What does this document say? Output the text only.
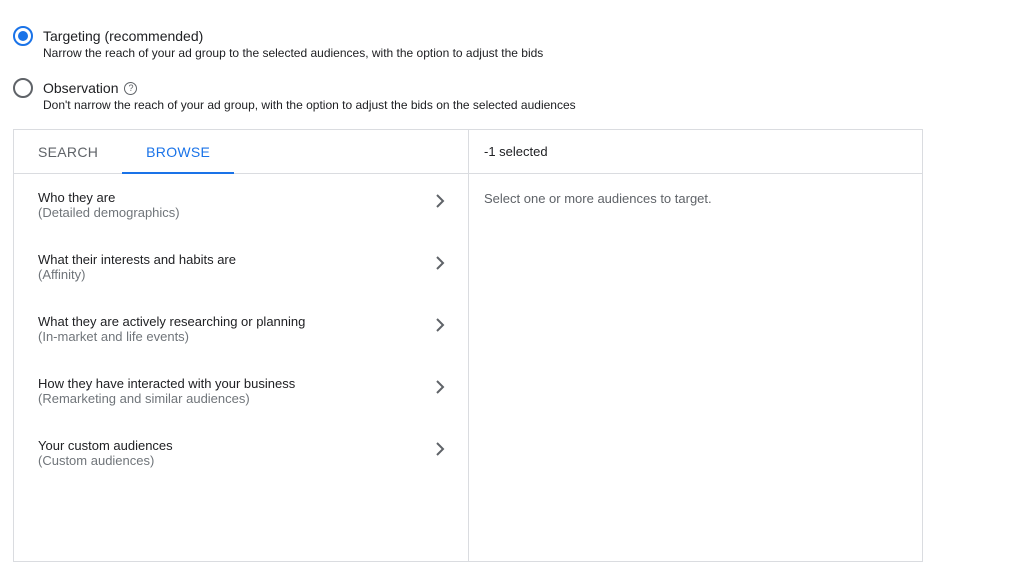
Targeting (recommended)
Narrow the reach of your ad group to the selected audiences, with the option to adjust the bids
Observation	?
Don't narrow the reach of your ad group, with the option to adjust the bids on the selected audiences
SEARCH	BROWSE
Who they are
(Detailed demographics)
What their interests and habits are
(Affinity)
What they are actively researching or planning
(In-market and life events)
How they have interacted with your business
(Remarketing and similar audiences)
Your custom audiences
(Custom audiences)
-1 selected
Select one or more audiences to target.
